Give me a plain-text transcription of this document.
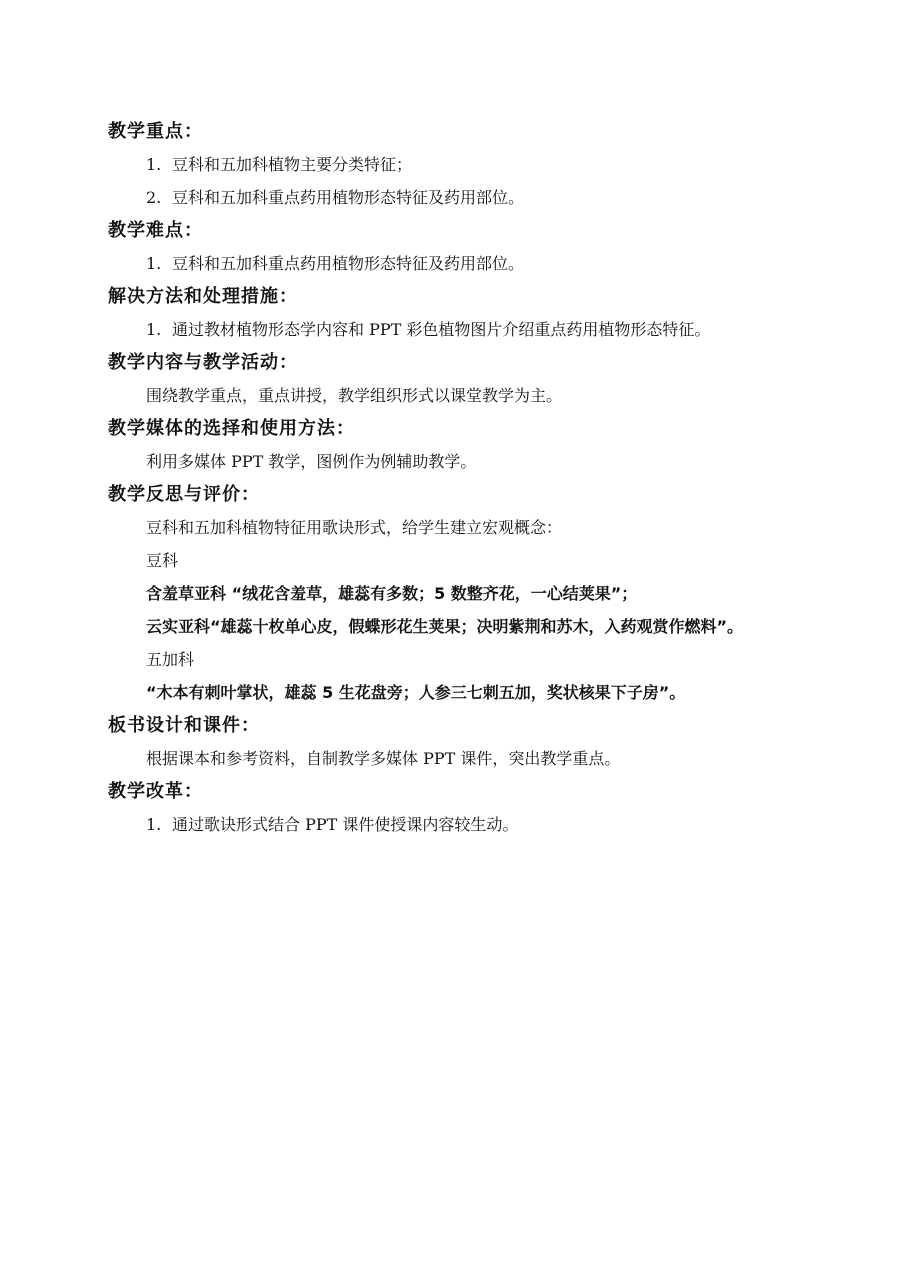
教学重点：

1. 豆科和五加科植物主要分类特征；

2. 豆科和五加科重点药用植物形态特征及药用部位。

教学难点：

1. 豆科和五加科重点药用植物形态特征及药用部位。

解决方法和处理措施：

1. 通过教材植物形态学内容和 PPT 彩色植物图片介绍重点药用植物形态特征。

教学内容与教学活动：

围绕教学重点，重点讲授，教学组织形式以课堂教学为主。

教学媒体的选择和使用方法：

利用多媒体 PPT 教学，图例作为例辅助教学。

教学反思与评价：

豆科和五加科植物特征用歌诀形式，给学生建立宏观概念：

豆科

含羞草亚科 “绒花含羞草，雄蕊有多数；5 数整齐花，一心结荚果”；

云实亚科“雄蕊十枚单心皮，假蝶形花生荚果；决明紫荆和苏木，入药观赏作燃料”。

五加科

“木本有刺叶掌状，雄蕊 5 生花盘旁；人参三七刺五加，奖状核果下子房”。

板书设计和课件：

根据课本和参考资料，自制教学多媒体 PPT 课件，突出教学重点。

教学改革：

1. 通过歌诀形式结合 PPT 课件使授课内容较生动。
